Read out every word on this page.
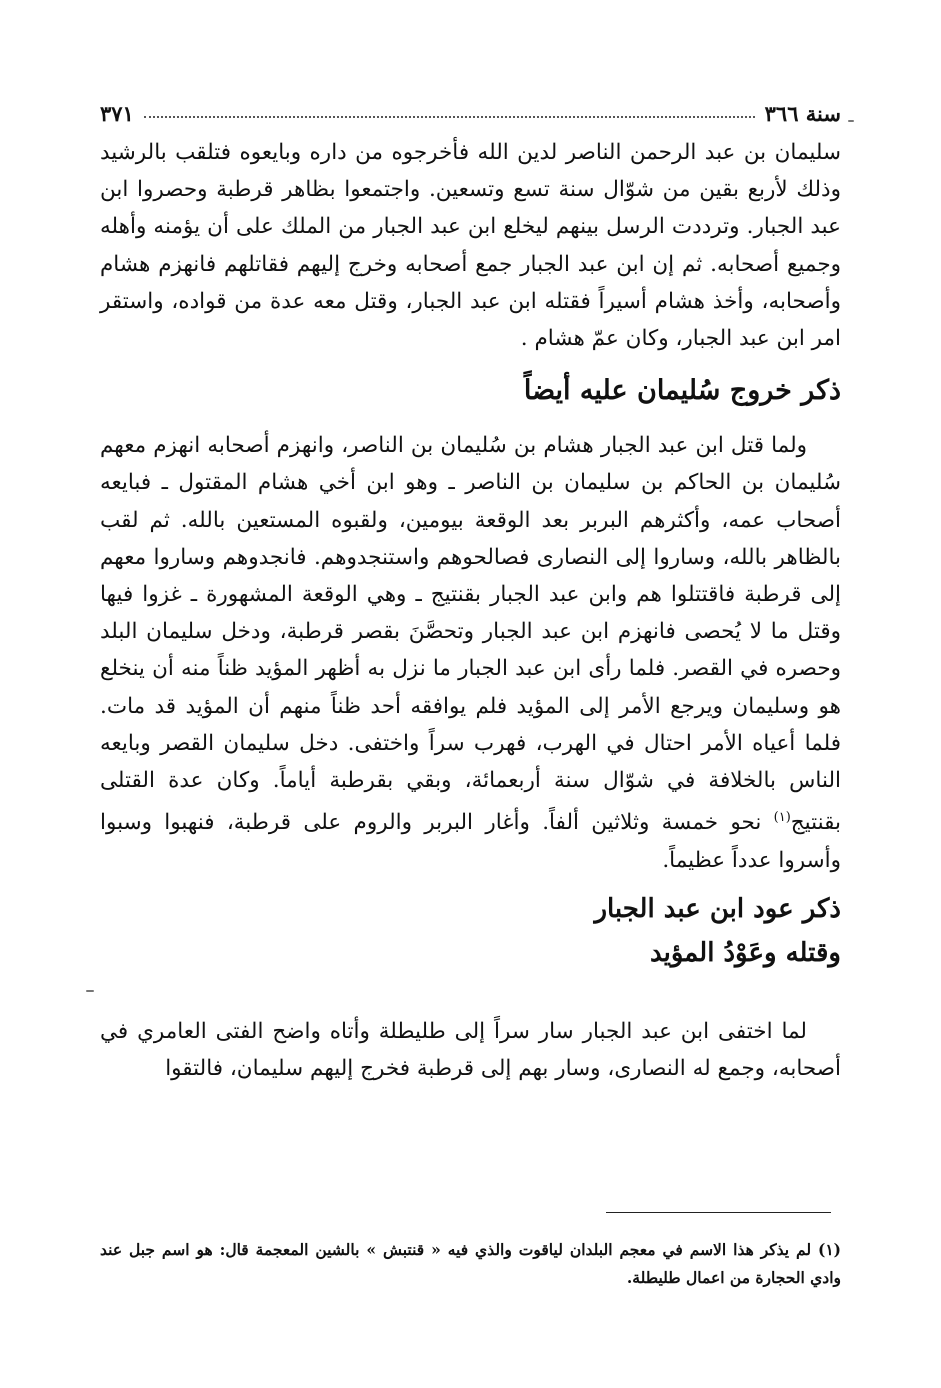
سنة ٣٦٦
٣٧١

سليمان بن عبد الرحمن الناصر لدين الله فأخرجوه من داره وبايعوه فتلقب بالرشيد وذلك لأربع بقين من شوّال سنة تسع وتسعين. واجتمعوا بظاهر قرطبة وحصروا ابن عبد الجبار. وترددت الرسل بينهم ليخلع ابن عبد الجبار من الملك على أن يؤمنه وأهله وجميع أصحابه. ثم إن ابن عبد الجبار جمع أصحابه وخرج إليهم فقاتلهم فانهزم هشام وأصحابه، وأخذ هشام أسيراً فقتله ابن عبد الجبار، وقتل معه عدة من قواده، واستقر امر ابن عبد الجبار، وكان عمّ هشام .

ذكر خروج سُليمان عليه أيضاً

ولما قتل ابن عبد الجبار هشام بن سُليمان بن الناصر، وانهزم أصحابه انهزم معهم سُليمان بن الحاكم بن سليمان بن الناصر ـ وهو ابن أخي هشام المقتول ـ فبايعه أصحاب عمه، وأكثرهم البربر بعد الوقعة بيومين، ولقبوه المستعين بالله. ثم لقب بالظاهر بالله، وساروا إلى النصارى فصالحوهم واستنجدوهم. فانجدوهم وساروا معهم إلى قرطبة فاقتتلوا هم وابن عبد الجبار بقنتيج ـ وهي الوقعة المشهورة ـ غزوا فيها وقتل ما لا يُحصى فانهزم ابن عبد الجبار وتحصَّنَ بقصر قرطبة، ودخل سليمان البلد وحصره في القصر. فلما رأى ابن عبد الجبار ما نزل به أظهر المؤيد ظناً منه أن ينخلع هو وسليمان ويرجع الأمر إلى المؤيد فلم يوافقه أحد ظناً منهم أن المؤيد قد مات. فلما أعياه الأمر احتال في الهرب، فهرب سراً واختفى. دخل سليمان القصر وبايعه الناس بالخلافة في شوّال سنة أربعمائة، وبقي بقرطبة أياماً. وكان عدة القتلى بقنتيج$^{(١)}$ نحو خمسة وثلاثين ألفاً. وأغار البربر والروم على قرطبة، فنهبوا وسبوا وأسروا عدداً عظيماً.

ذكر عود ابن عبد الجبار
وقتله وعَوْدُ المؤيد

لما اختفى ابن عبد الجبار سار سراً إلى طليطلة وأتاه واضح الفتى العامري في أصحابه، وجمع له النصارى، وسار بهم إلى قرطبة فخرج إليهم سليمان، فالتقوا

(١) لم يذكر هذا الاسم في معجم البلدان لياقوت والذي فيه « قنتبش » بالشين المعجمة قال: هو اسم جبل عند وادي الحجارة من اعمال طليطلة.
